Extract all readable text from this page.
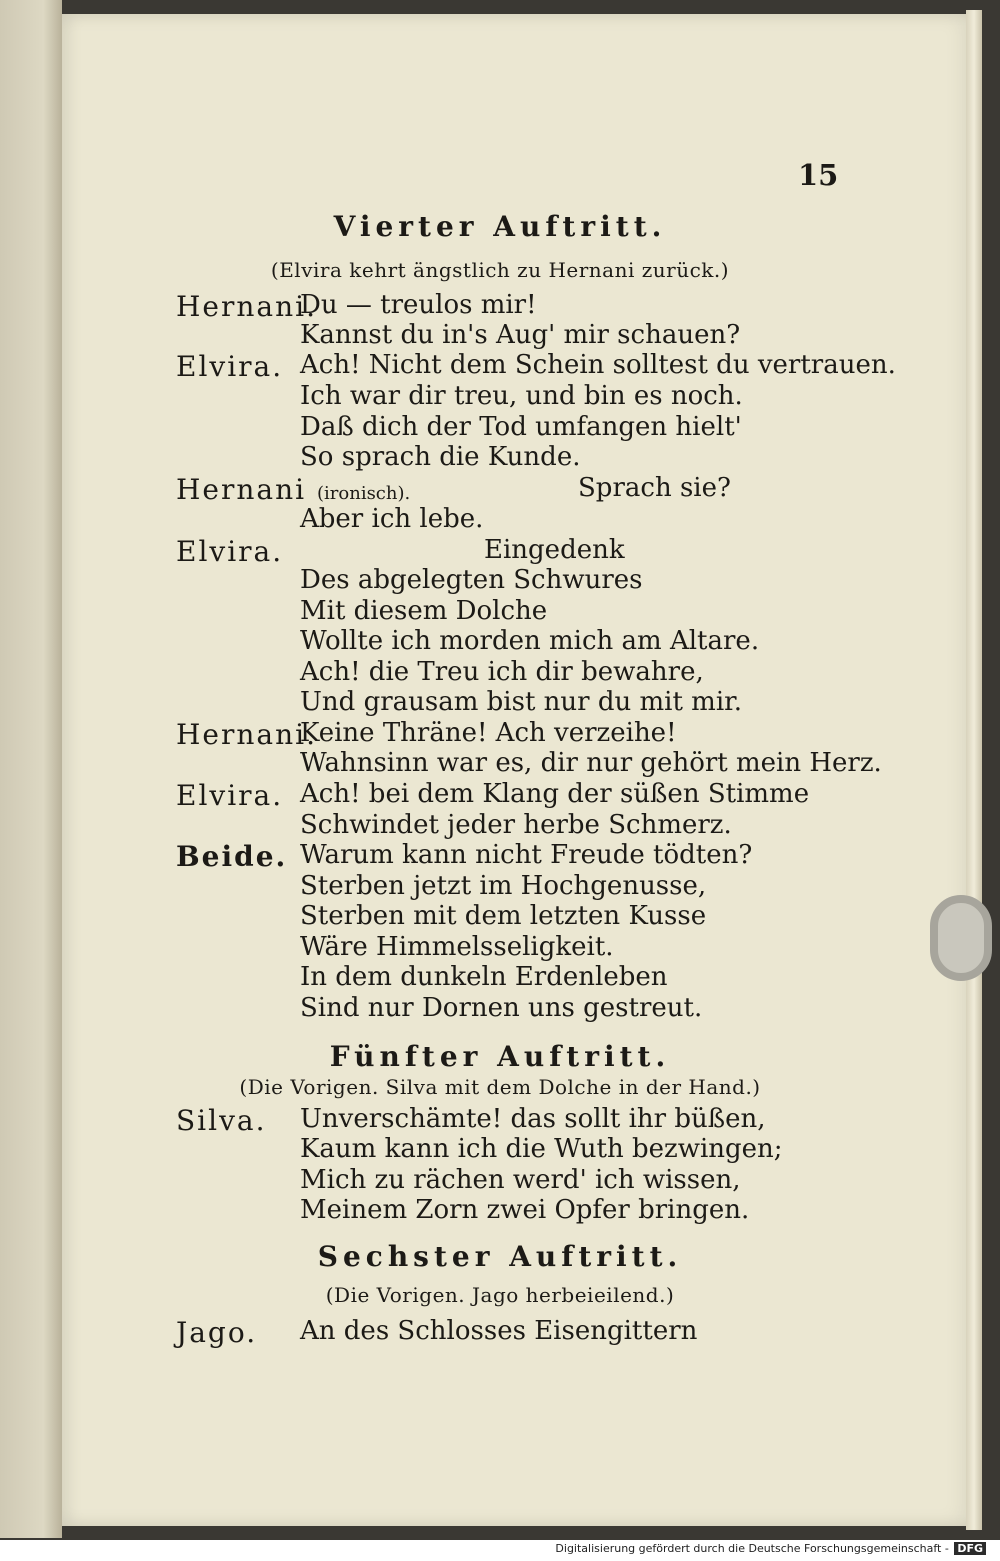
15
Vierter Auftritt.
(Elvira kehrt ängstlich zu Hernani zurück.)
Hernani.
Du — treulos mir!
Kannst du in's Aug' mir schauen?
Elvira. Ach! Nicht dem Schein solltest du vertrauen.
Ich war dir treu, und bin es noch.
Daß dich der Tod umfangen hielt'
So sprach die Kunde.
Hernani (ironisch).	Sprach sie?
Aber ich lebe.
Elvira.	Eingedenk
Des abgelegten Schwures
Mit diesem Dolche
Wollte ich morden mich am Altare.
Ach! die Treu ich dir bewahre,
Und grausam bist nur du mit mir.
Hernani.
Keine Thräne! Ach verzeihe!
Wahnsinn war es, dir nur gehört mein Herz.
Elvira. Ach! bei dem Klang der süßen Stimme
Schwindet jeder herbe Schmerz.
Beide. Warum kann nicht Freude tödten?
Sterben jetzt im Hochgenusse,
Sterben mit dem letzten Kusse
Wäre Himmelsseligkeit.
In dem dunkeln Erdenleben
Sind nur Dornen uns gestreut.
Fünfter Auftritt.
(Die Vorigen. Silva mit dem Dolche in der Hand.)
Silva. Unverschämte! das sollt ihr büßen,
Kaum kann ich die Wuth bezwingen;
Mich zu rächen werd' ich wissen,
Meinem Zorn zwei Opfer bringen.
Sechster Auftritt.
(Die Vorigen. Jago herbeieilend.)
Jago. An des Schlosses Eisengittern
Digitalisierung gefördert durch die Deutsche Forschungsgemeinschaft - DFG
